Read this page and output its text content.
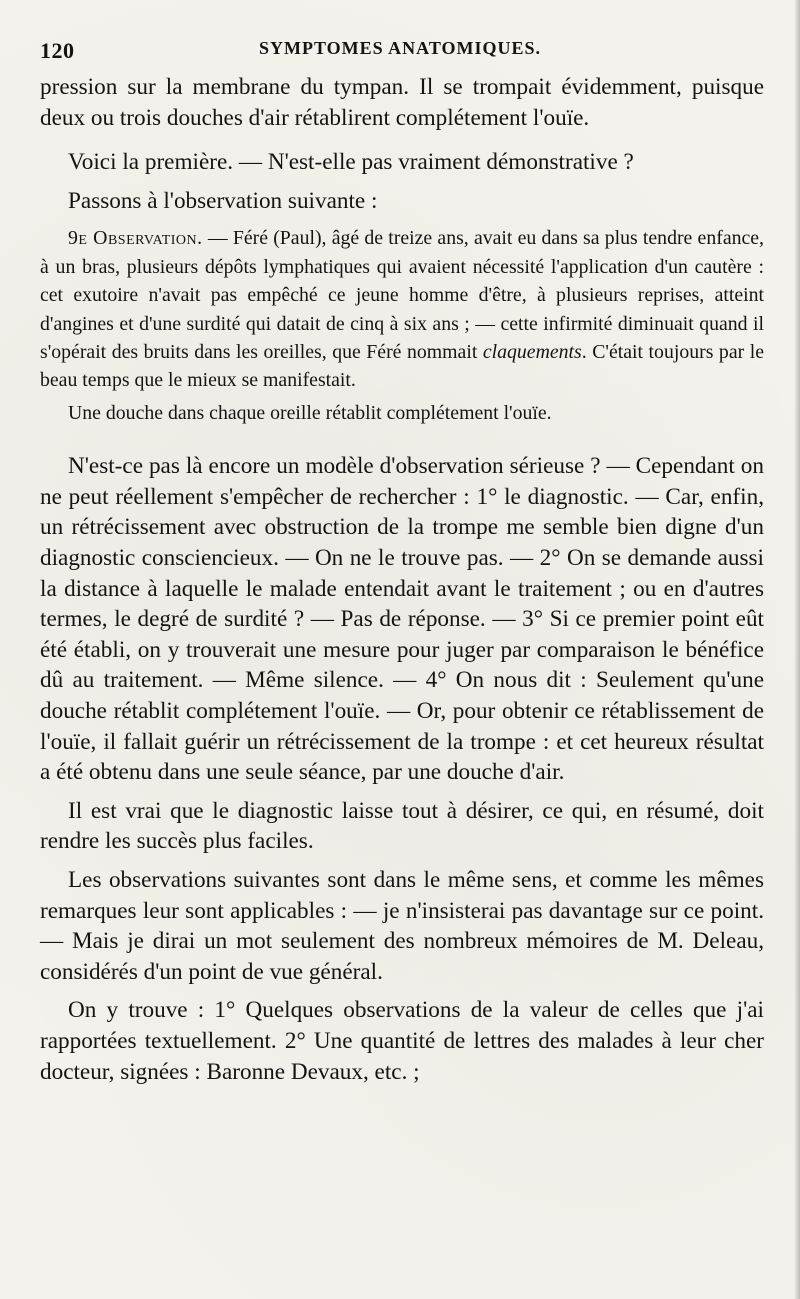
120	SYMPTOMES ANATOMIQUES.

pression sur la membrane du tympan. Il se trompait évidemment, puisque deux ou trois douches d'air rétablirent complétement l'ouïe.

Voici la première. — N'est-elle pas vraiment démonstrative ?

Passons à l'observation suivante :

9e Observation. — Féré (Paul), âgé de treize ans, avait eu dans sa plus tendre enfance, à un bras, plusieurs dépôts lymphatiques qui avaient nécessité l'application d'un cautère : cet exutoire n'avait pas empêché ce jeune homme d'être, à plusieurs reprises, atteint d'angines et d'une surdité qui datait de cinq à six ans ; — cette infirmité diminuait quand il s'opérait des bruits dans les oreilles, que Féré nommait claquements. C'était toujours par le beau temps que le mieux se manifestait.

Une douche dans chaque oreille rétablit complétement l'ouïe.

N'est-ce pas là encore un modèle d'observation sérieuse ? — Cependant on ne peut réellement s'empêcher de rechercher : 1° le diagnostic. — Car, enfin, un rétrécissement avec obstruction de la trompe me semble bien digne d'un diagnostic consciencieux. — On ne le trouve pas. — 2° On se demande aussi la distance à laquelle le malade entendait avant le traitement ; ou en d'autres termes, le degré de surdité ? — Pas de réponse. — 3° Si ce premier point eût été établi, on y trouverait une mesure pour juger par comparaison le bénéfice dû au traitement. — Même silence. — 4° On nous dit : Seulement qu'une douche rétablit complétement l'ouïe. — Or, pour obtenir ce rétablissement de l'ouïe, il fallait guérir un rétrécissement de la trompe : et cet heureux résultat a été obtenu dans une seule séance, par une douche d'air.

Il est vrai que le diagnostic laisse tout à désirer, ce qui, en résumé, doit rendre les succès plus faciles.

Les observations suivantes sont dans le même sens, et comme les mêmes remarques leur sont applicables : — je n'insisterai pas davantage sur ce point. — Mais je dirai un mot seulement des nombreux mémoires de M. Deleau, considérés d'un point de vue général.

On y trouve : 1° Quelques observations de la valeur de celles que j'ai rapportées textuellement. 2° Une quantité de lettres des malades à leur cher docteur, signées : Baronne Devaux, etc. ;
